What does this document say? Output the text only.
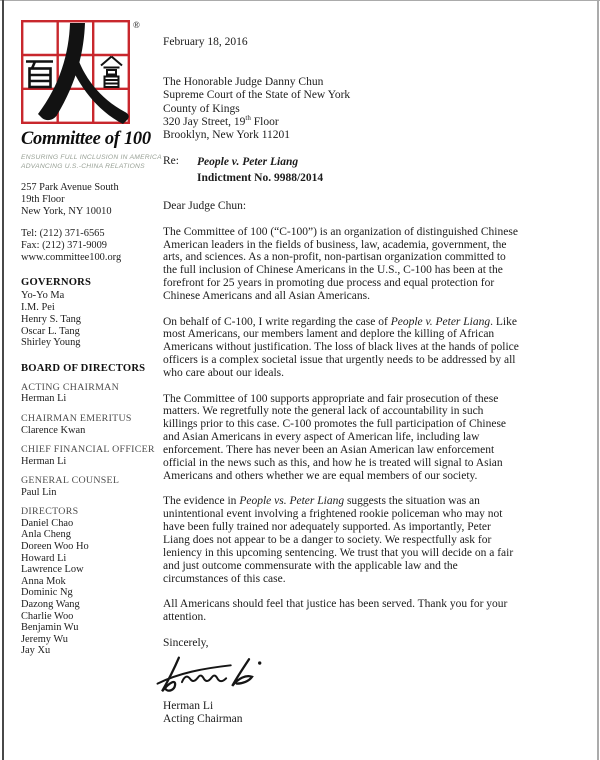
®
Committee of 100
ENSURING FULL INCLUSION IN AMERICA
ADVANCING U.S.-CHINA RELATIONS
257 Park Avenue South
19th Floor
New York, NY 10010
Tel: (212) 371-6565
Fax: (212) 371-9009
www.committee100.org
GOVERNORS
Yo-Yo Ma
I.M. Pei
Henry S. Tang
Oscar L. Tang
Shirley Young
BOARD OF DIRECTORS
ACTING CHAIRMAN
Herman Li
CHAIRMAN EMERITUS
Clarence Kwan
CHIEF FINANCIAL OFFICER
Herman Li
GENERAL COUNSEL
Paul Lin
DIRECTORS
Daniel Chao
Anla Cheng
Doreen Woo Ho
Howard Li
Lawrence Low
Anna Mok
Dominic Ng
Dazong Wang
Charlie Woo
Benjamin Wu
Jeremy Wu
Jay Xu
February 18, 2016
The Honorable Judge Danny Chun
Supreme Court of the State of New York
County of Kings
320 Jay Street, 19th Floor
Brooklyn, New York 11201
Re:	People v. Peter Liang
Indictment No. 9988/2014
Dear Judge Chun:

The Committee of 100 (“C-100”) is an organization of distinguished Chinese American leaders in the fields of business, law, academia, government, the arts, and sciences. As a non-profit, non-partisan organization committed to the full inclusion of Chinese Americans in the U.S., C-100 has been at the forefront for 25 years in promoting due process and equal protection for Chinese Americans and all Asian Americans.

On behalf of C-100, I write regarding the case of People v. Peter Liang. Like most Americans, our members lament and deplore the killing of African Americans without justification. The loss of black lives at the hands of police officers is a complex societal issue that urgently needs to be addressed by all who care about our ideals.

The Committee of 100 supports appropriate and fair prosecution of these matters. We regretfully note the general lack of accountability in such killings prior to this case. C-100 promotes the full participation of Chinese and Asian Americans in every aspect of American life, including law enforcement. There has never been an Asian American law enforcement official in the news such as this, and how he is treated will signal to Asian Americans and others whether we are equal members of our society.

The evidence in People vs. Peter Liang suggests the situation was an unintentional event involving a frightened rookie policeman who may not have been fully trained nor adequately supported. As importantly, Peter Liang does not appear to be a danger to society. We respectfully ask for leniency in this upcoming sentencing. We trust that you will decide on a fair and just outcome commensurate with the applicable law and the circumstances of this case.

All Americans should feel that justice has been served. Thank you for your attention.

Sincerely,
Herman Li
Acting Chairman
